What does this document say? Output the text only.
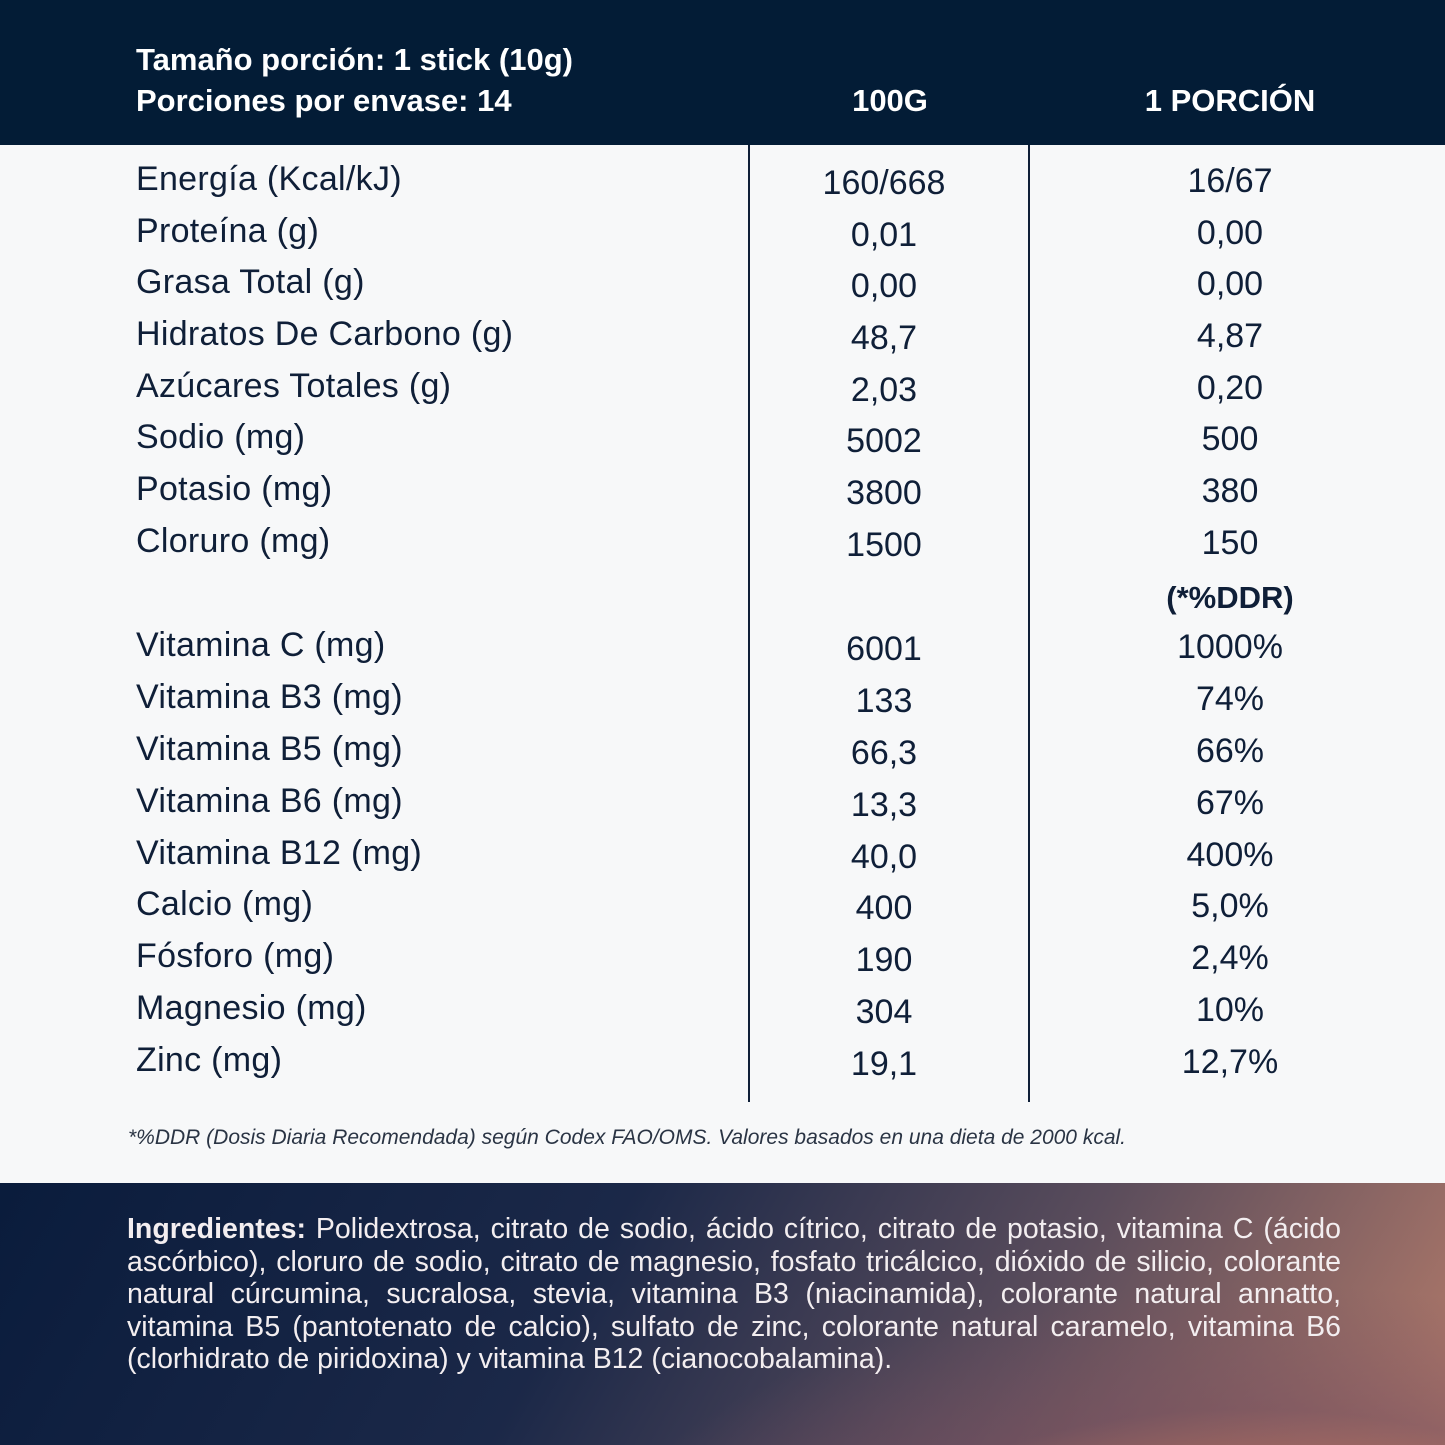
Tamaño porción: 1 stick (10g)
Porciones por envase: 14	100G	1 PORCIÓN
Energía (Kcal/kJ)	160/668	16/67
Proteína (g)	0,01	0,00
Grasa Total (g)	0,00	0,00
Hidratos De Carbono (g)	48,7	4,87
Azúcares Totales (g)	2,03	0,20
Sodio (mg)	5002	500
Potasio (mg)	3800	380
Cloruro (mg)	1500	150
(*%DDR)
Vitamina C (mg)	6001	1000%
Vitamina B3 (mg)	133	74%
Vitamina B5 (mg)	66,3	66%
Vitamina B6 (mg)	13,3	67%
Vitamina B12 (mg)	40,0	400%
Calcio (mg)	400	5,0%
Fósforo (mg)	190	2,4%
Magnesio (mg)	304	10%
Zinc (mg)	19,1	12,7%
*%DDR (Dosis Diaria Recomendada) según Codex FAO/OMS. Valores basados en una dieta de 2000 kcal.
Ingredientes: Polidextrosa, citrato de sodio, ácido cítrico, citrato de potasio, vitamina C (ácido ascórbico), cloruro de sodio, citrato de magnesio, fosfato tricálcico, dióxido de silicio, colorante natural cúrcumina, sucralosa, stevia, vitamina B3 (niacinamida), colorante natural annatto, vitamina B5 (pantotenato de calcio), sulfato de zinc, colorante natural caramelo, vitamina B6 (clorhidrato de piridoxina) y vitamina B12 (cianocobalamina).
